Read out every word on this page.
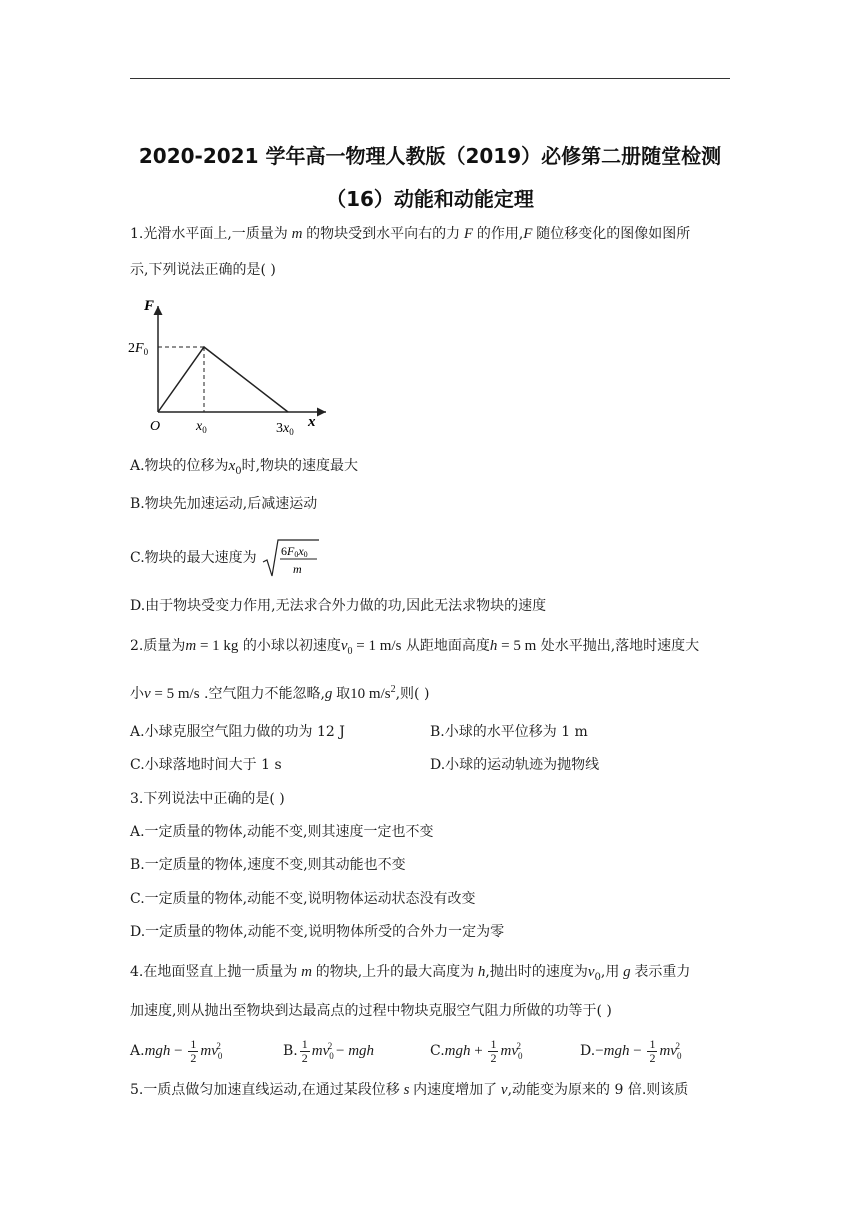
2020-2021 学年高一物理人教版（2019）必修第二册随堂检测
（16）动能和动能定理
1.光滑水平面上,一质量为 m 的物块受到水平向右的力 F 的作用,F 随位移变化的图像如图所
示,下列说法正确的是( )
F
x
O
$2F_0$
$x_0$	$3x_0$
A.物块的位移为$x_0$时,物块的速度最大
B.物块先加速运动,后减速运动
C.物块的最大速度为 6F0x0
m
D.由于物块受变力作用,无法求合外力做的功,因此无法求物块的速度
2.质量为m = 1 kg 的小球以初速度$v_0 = 1$ m/s 从距地面高度h = 5 m 处水平抛出,落地时速度大
小v = 5 m/s .空气阻力不能忽略,g 取10 $m/s^2$,则( )
A.小球克服空气阻力做的功为 12 J	B.小球的水平位移为 1 m
C.小球落地时间大于 1 s	D.小球的运动轨迹为抛物线
3.下列说法中正确的是( )
A.一定质量的物体,动能不变,则其速度一定也不变
B.一定质量的物体,速度不变,则其动能也不变
C.一定质量的物体,动能不变,说明物体运动状态没有改变
D.一定质量的物体,动能不变,说明物体所受的合外力一定为零
4.在地面竖直上抛一质量为 m 的物块,上升的最大高度为 h,抛出时的速度为$v_0$,用 g 表示重力
加速度,则从抛出至物块到达最高点的过程中物块克服空气阻力所做的功等于( )
$A.mgh - \frac{1}{2} mv_0^2$	B. $\frac{1}{2} mv_0^2$ − mgh	$C.mgh + \frac{1}{2} mv_0^2$	$D.-mgh - \frac{1}{2} mv_0^2$
5.一质点做匀加速直线运动,在通过某段位移 s 内速度增加了 v,动能变为原来的 9 倍.则该质
